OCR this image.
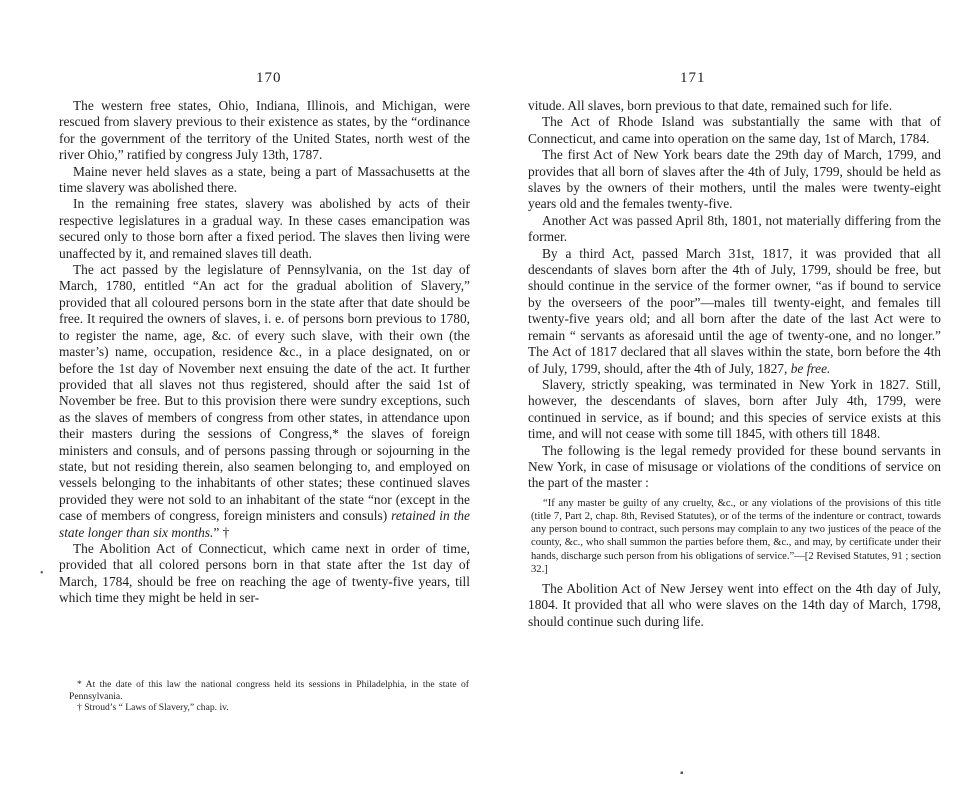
170

The western free states, Ohio, Indiana, Illinois, and Michigan, were rescued from slavery previous to their existence as states, by the “ordinance for the government of the territory of the United States, north west of the river Ohio,” ratified by congress July 13th, 1787.

Maine never held slaves as a state, being a part of Massachusetts at the time slavery was abolished there.

In the remaining free states, slavery was abolished by acts of their respective legislatures in a gradual way. In these cases emancipation was secured only to those born after a fixed period. The slaves then living were unaffected by it, and remained slaves till death.

The act passed by the legislature of Pennsylvania, on the 1st day of March, 1780, entitled “An act for the gradual abolition of Slavery,” provided that all coloured persons born in the state after that date should be free. It required the owners of slaves, i. e. of persons born previous to 1780, to register the name, age, &c. of every such slave, with their own (the master’s) name, occupation, residence &c., in a place designated, on or before the 1st day of November next ensuing the date of the act. It further provided that all slaves not thus registered, should after the said 1st of November be free. But to this provision there were sundry exceptions, such as the slaves of members of congress from other states, in attendance upon their masters during the sessions of Congress,* the slaves of foreign ministers and consuls, and of persons passing through or sojourning in the state, but not residing therein, also seamen belonging to, and employed on vessels belonging to the inhabitants of other states; these continued slaves provided they were not sold to an inhabitant of the state “nor (except in the case of members of congress, foreign ministers and consuls) retained in the state longer than six months.” †

The Abolition Act of Connecticut, which came next in order of time, provided that all colored persons born in that state after the 1st day of March, 1784, should be free on reaching the age of twenty-five years, till which time they might be held in ser-

* At the date of this law the national congress held its sessions in Philadelphia, in the state of Pennsylvania.

† Stroud’s “ Laws of Slavery,” chap. iv.

•
171

vitude. All slaves, born previous to that date, remained such for life.

The Act of Rhode Island was substantially the same with that of Connecticut, and came into operation on the same day, 1st of March, 1784.

The first Act of New York bears date the 29th day of March, 1799, and provides that all born of slaves after the 4th of July, 1799, should be held as slaves by the owners of their mothers, until the males were twenty-eight years old and the females twenty-five.

Another Act was passed April 8th, 1801, not materially differing from the former.

By a third Act, passed March 31st, 1817, it was provided that all descendants of slaves born after the 4th of July, 1799, should be free, but should continue in the service of the former owner, “as if bound to service by the overseers of the poor”—males till twenty-eight, and females till twenty-five years old; and all born after the date of the last Act were to remain “ servants as aforesaid until the age of twenty-one, and no longer.” The Act of 1817 declared that all slaves within the state, born before the 4th of July, 1799, should, after the 4th of July, 1827, be free.

Slavery, strictly speaking, was terminated in New York in 1827. Still, however, the descendants of slaves, born after July 4th, 1799, were continued in service, as if bound; and this species of service exists at this time, and will not cease with some till 1845, with others till 1848.

The following is the legal remedy provided for these bound servants in New York, in case of misusage or violations of the conditions of service on the part of the master :

“If any master be guilty of any cruelty, &c., or any violations of the provisions of this title (title 7, Part 2, chap. 8th, Revised Statutes), or of the terms of the indenture or contract, towards any person bound to contract, such persons may complain to any two justices of the peace of the county, &c., who shall summon the parties before them, &c., and may, by certificate under their hands, discharge such person from his obligations of service.”—[2 Revised Statutes, 91 ; section 32.]

The Abolition Act of New Jersey went into effect on the 4th day of July, 1804. It provided that all who were slaves on the 14th day of March, 1798, should continue such during life.

▪
